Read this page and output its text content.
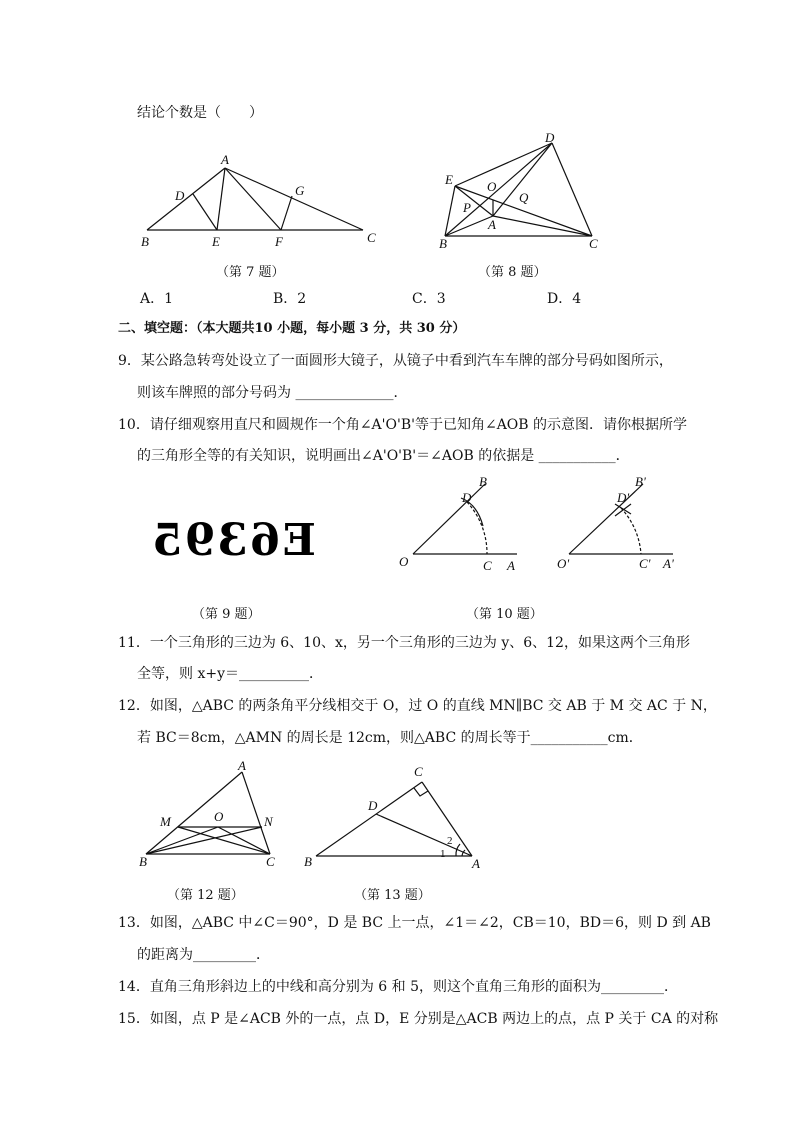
结论个数是（　　）
A
D	G
B	E	F	C
D
E	O
Q
P
A
B	C
（第 7 题）	（第 8 题）
A．1	B．2	C．3	D．4
二、填空题：（本大题共10 小题，每小题 3 分，共 30 分）
9．某公路急转弯处设立了一面圆形大镜子，从镜子中看到汽车车牌的部分号码如图所示，
则该车牌照的部分号码为 ______________．
10．请仔细观察用直尺和圆规作一个角∠A'O'B'等于已知角∠AOB 的示意图．请你根据所学
的三角形全等的有关知识，说明画出∠A'O'B'＝∠AOB 的依据是 ___________．
E6395
B
D
O	C A
B'
D'
O'	C' A'
（第 9 题）	（第 10 题）
11．一个三角形的三边为 6、10、x，另一个三角形的三边为 y、6、12，如果这两个三角形
全等，则 x+y＝__________．
12．如图，△ABC 的两条角平分线相交于 O，过 O 的直线 MN∥BC 交 AB 于 M 交 AC 于 N，
若 BC＝8cm，△AMN 的周长是 12cm，则△ABC 的周长等于___________cm．
A
M	O	N
B	C
C
D
2
1
B	A
（第 12 题）	（第 13 题）
13．如图，△ABC 中∠C＝90°，D 是 BC 上一点，∠1＝∠2，CB＝10，BD＝6，则 D 到 AB
的距离为_________．
14．直角三角形斜边上的中线和高分别为 6 和 5，则这个直角三角形的面积为_________．
15．如图，点 P 是∠ACB 外的一点，点 D，E 分别是△ACB 两边上的点，点 P 关于 CA 的对称
